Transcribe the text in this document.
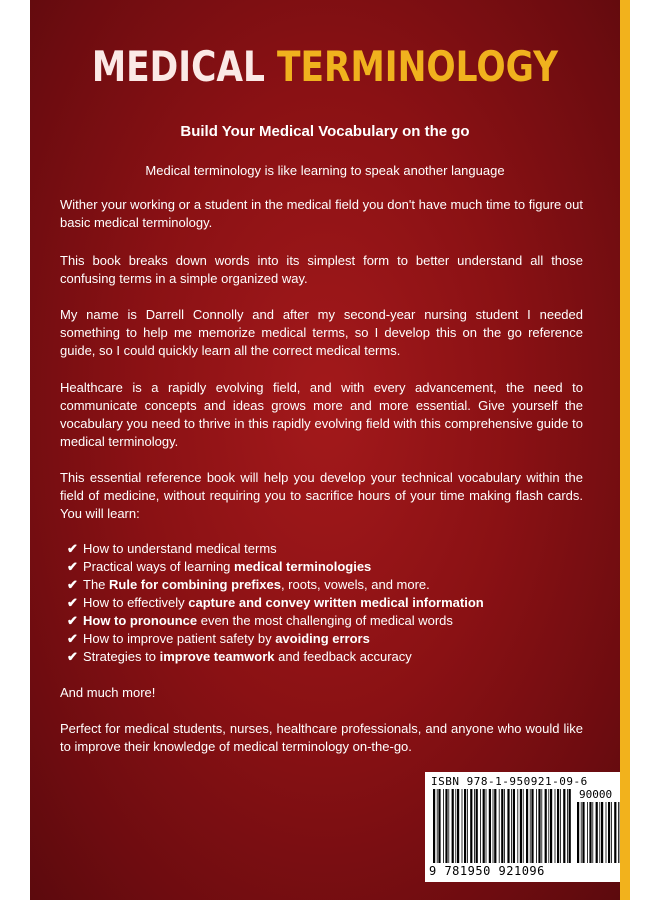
MEDICAL TERMINOLOGY
Build Your Medical Vocabulary on the go
Medical terminology is like learning to speak another language

Wither your working or a student in the medical field you don't have much time to figure out basic medical terminology.

This book breaks down words into its simplest form to better understand all those confusing terms in a simple organized way.

My name is Darrell Connolly and after my second-year nursing student I needed something to help me memorize medical terms, so I develop this on the go reference guide, so I could quickly learn all the correct medical terms.

Healthcare is a rapidly evolving field, and with every advancement, the need to communicate concepts and ideas grows more and more essential. Give yourself the vocabulary you need to thrive in this rapidly evolving field with this comprehensive guide to medical terminology.

This essential reference book will help you develop your technical vocabulary within the field of medicine, without requiring you to sacrifice hours of your time making flash cards. You will learn:

✔ How to understand medical terms
✔ Practical ways of learning medical terminologies
✔ The Rule for combining prefixes, roots, vowels, and more.
✔ How to effectively capture and convey written medical information
✔ How to pronounce even the most challenging of medical words
✔ How to improve patient safety by avoiding errors
✔ Strategies to improve teamwork and feedback accuracy

And much more!

Perfect for medical students, nurses, healthcare professionals, and anyone who would like to improve their knowledge of medical terminology on-the-go.

ISBN 978-1-950921-09-6
90000
9 781950 921096
